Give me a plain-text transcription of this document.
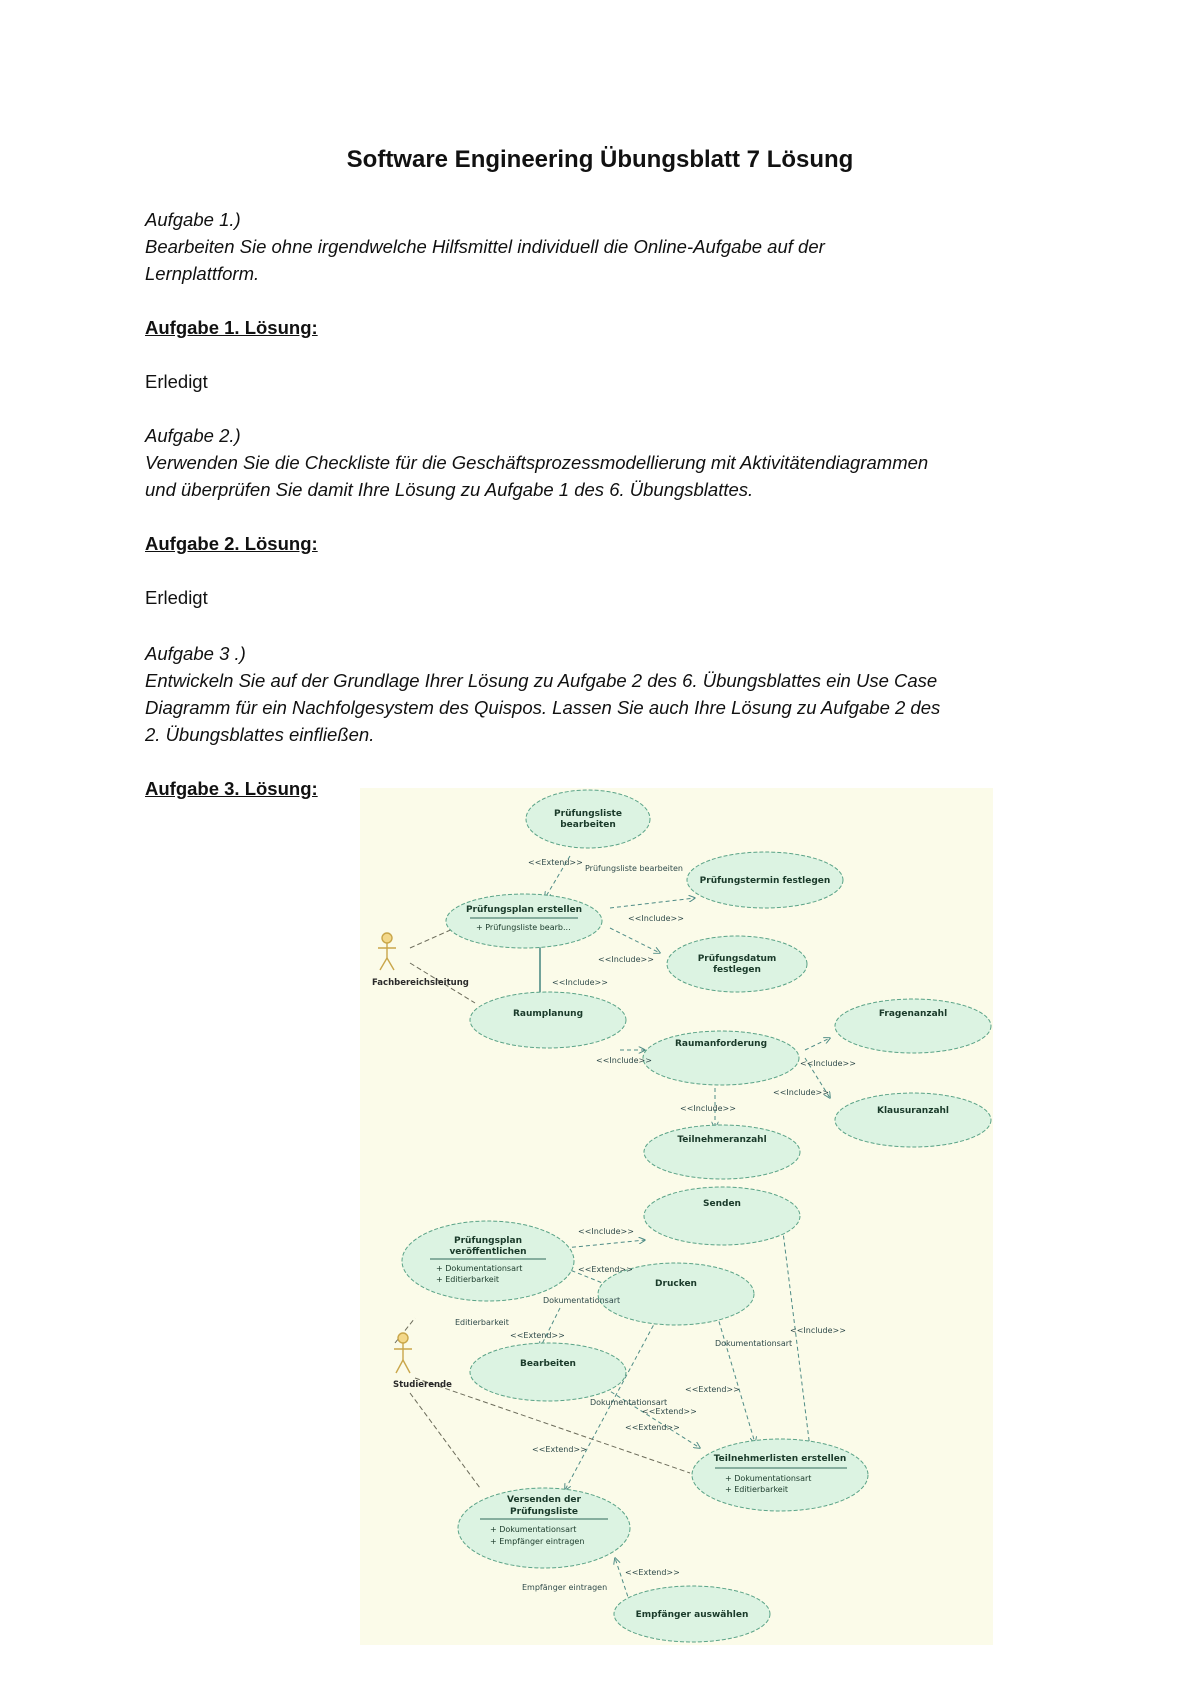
Software Engineering Übungsblatt 7 Lösung
Aufgabe 1.)
Bearbeiten Sie ohne irgendwelche Hilfsmittel individuell die Online-Aufgabe auf der
Lernplattform.
Aufgabe 1. Lösung:
Erledigt
Aufgabe 2.)
Verwenden Sie die Checkliste für die Geschäftsprozessmodellierung mit Aktivitätendiagrammen
und überprüfen Sie damit Ihre Lösung zu Aufgabe 1 des 6. Übungsblattes.
Aufgabe 2. Lösung:
Erledigt
Aufgabe 3 .)
Entwickeln Sie auf der Grundlage Ihrer Lösung zu Aufgabe 2 des 6. Übungsblattes ein Use Case
Diagramm für ein Nachfolgesystem des Quispos. Lassen Sie auch Ihre Lösung zu Aufgabe 2 des
2. Übungsblattes einfließen.
Aufgabe 3. Lösung:
Prüfungsliste
bearbeiten
Prüfungsplan erstellen
+ Prüfungsliste bearb...
Prüfungstermin festlegen
Prüfungsdatum
festlegen
Raumplanung
Raumanforderung
Fragenanzahl
Klausuranzahl
Teilnehmeranzahl
Senden
Prüfungsplan
veröffentlichen
+ Dokumentationsart
+ Editierbarkeit	Drucken
Bearbeiten
Teilnehmerlisten erstellen
+ Dokumentationsart
+ Editierbarkeit
Versenden der
Prüfungsliste
+ Dokumentationsart
+ Empfänger eintragen
Empfänger auswählen
<<Extend>>
Prüfungsliste bearbeiten
<<Include>>
<<Include>>
<<Include>>
<<Include>>	<<Include>>
<<Include>>
<<Include>>
<<Include>>
<<Extend>>
Dokumentationsart
Editierbarkeit
<<Extend>>
Dokumentationsart
<<Include>>
<<Extend>>
Dokumentationsart
<<Extend>>
<<Extend>>
<<Extend>>
<<Extend>>
Empfänger eintragen
Fachbereichsleitung
Studierende
